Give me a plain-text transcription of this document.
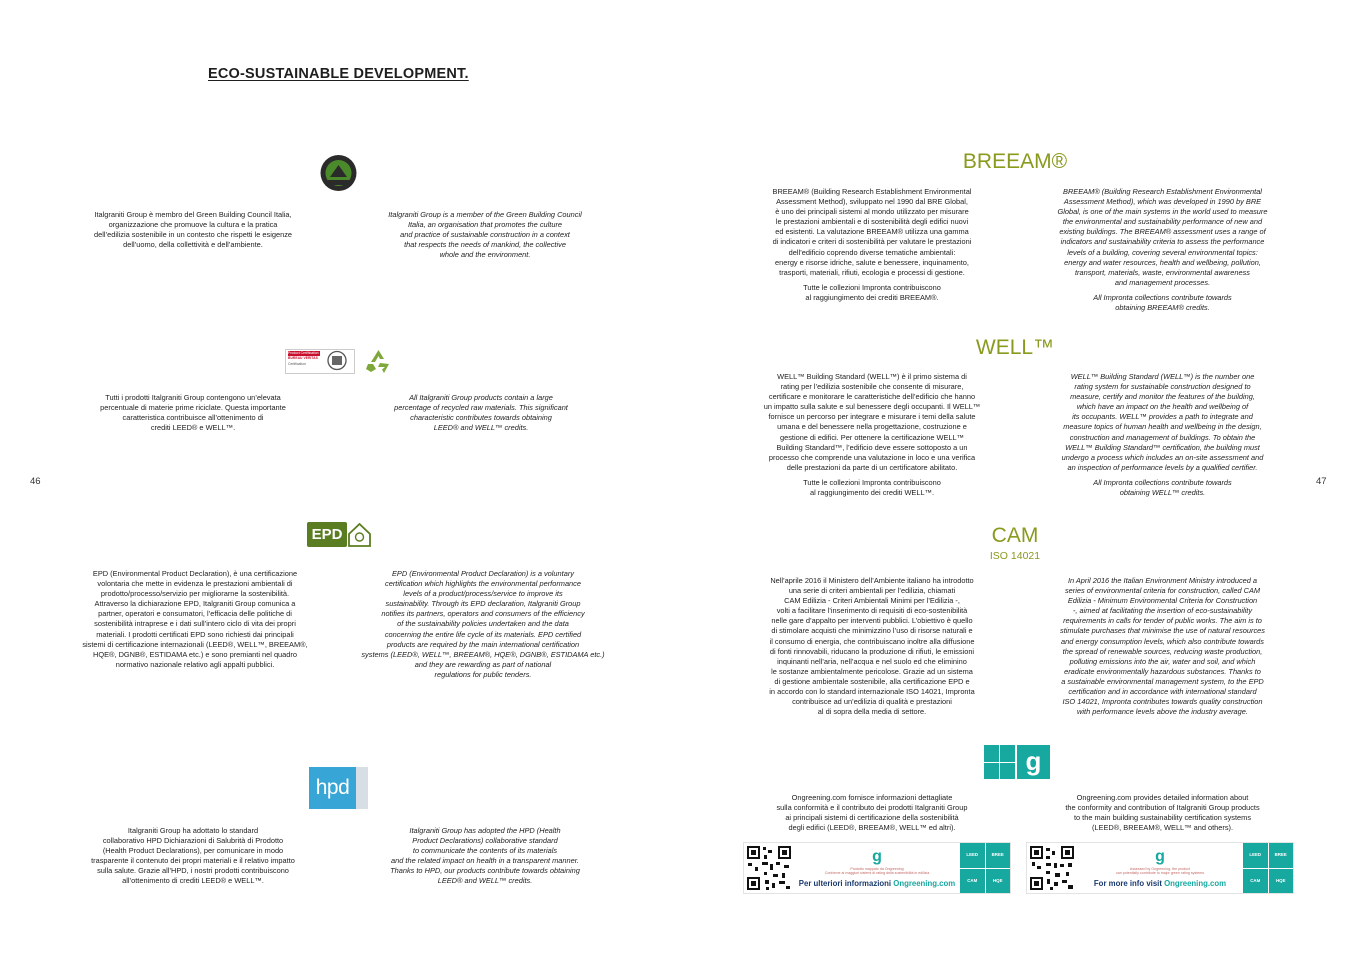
ECO-SUSTAINABLE DEVELOPMENT.
46	47

Italgraniti Group è membro del Green Building Council Italia,

organizzazione che promuove la cultura e la pratica

dell’edilizia sostenibile in un contesto che rispetti le esigenze

dell’uomo, della collettività e dell’ambiente.

Italgraniti Group is a member of the Green Building Council

Italia, an organisation that promotes the culture

and practice of sustainable construction in a context

that respects the needs of mankind, the collective

whole and the environment.

Product Certification
BUREAU VERITAS
Certification

Tutti i prodotti Italgraniti Group contengono un’elevata

percentuale di materie prime riciclate. Questa importante

caratteristica contribuisce all’ottenimento di

crediti LEED® e WELL™.

All Italgraniti Group products contain a large

percentage of recycled raw materials. This significant

characteristic contributes towards obtaining

LEED® and WELL™ credits.

EPD

EPD (Environmental Product Declaration), è una certificazione

volontaria che mette in evidenza le prestazioni ambientali di

prodotto/processo/servizio per migliorarne la sostenibilità.

Attraverso la dichiarazione EPD, Italgraniti Group comunica a

partner, operatori e consumatori, l’efficacia delle politiche di

sostenibilità intraprese e i dati sull’intero ciclo di vita dei propri

materiali. I prodotti certificati EPD sono richiesti dai principali

sistemi di certificazione internazionali (LEED®, WELL™, BREEAM®,

HQE®, DGNB®, ESTIDAMA etc.) e sono premianti nel quadro

normativo nazionale relativo agli appalti pubblici.

EPD (Environmental Product Declaration) is a voluntary

certification which highlights the environmental performance

levels of a product/process/service to improve its

sustainability. Through its EPD declaration, Italgraniti Group

notifies its partners, operators and consumers of the efficiency

of the sustainability policies undertaken and the data

concerning the entire life cycle of its materials. EPD certified

products are required by the main international certification

systems (LEED®, WELL™, BREEAM®, HQE®, DGNB®, ESTIDAMA etc.)

and they are rewarding as part of national

regulations for public tenders.

hpd

Italgraniti Group ha adottato lo standard

collaborativo HPD Dichiarazioni di Salubrità di Prodotto

(Health Product Declarations), per comunicare in modo

trasparente il contenuto dei propri materiali e il relativo impatto

sulla salute. Grazie all’HPD, i nostri prodotti contribuiscono

all’ottenimento di crediti LEED® e WELL™.

Italgraniti Group has adopted the HPD (Health

Product Declarations) collaborative standard

to communicate the contents of its materials

and the related impact on health in a transparent manner.

Thanks to HPD, our products contribute towards obtaining

LEED® and WELL™ credits.

BREEAM®

BREEAM® (Building Research Establishment Environmental

Assessment Method), sviluppato nel 1990 dal BRE Global,

è uno dei principali sistemi al mondo utilizzato per misurare

le prestazioni ambientali e di sostenibilità degli edifici nuovi

ed esistenti. La valutazione BREEAM® utilizza una gamma

di indicatori e criteri di sostenibilità per valutare le prestazioni

dell’edificio coprendo diverse tematiche ambientali:

energy e risorse idriche, salute e benessere, inquinamento,

trasporti, materiali, rifiuti, ecologia e processi di gestione.

Tutte le collezioni Impronta contribuiscono

al raggiungimento dei crediti BREEAM®.

BREEAM® (Building Research Establishment Environmental

Assessment Method), which was developed in 1990 by BRE

Global, is one of the main systems in the world used to measure

the environmental and sustainability performance of new and

existing buildings. The BREEAM® assessment uses a range of

indicators and sustainability criteria to assess the performance

levels of a building, covering several environmental topics:

energy and water resources, health and wellbeing, pollution,

transport, materials, waste, environmental awareness

and management processes.

All Impronta collections contribute towards

obtaining BREEAM® credits.

WELL™

WELL™ Building Standard (WELL™) è il primo sistema di

rating per l’edilizia sostenibile che consente di misurare,

certificare e monitorare le caratteristiche dell’edificio che hanno

un impatto sulla salute e sul benessere degli occupanti. Il WELL™

fornisce un percorso per integrare e misurare i temi della salute

umana e del benessere nella progettazione, costruzione e

gestione di edifici. Per ottenere la certificazione WELL™

Building Standard™, l’edificio deve essere sottoposto a un

processo che comprende una valutazione in loco e una verifica

delle prestazioni da parte di un certificatore abilitato.

Tutte le collezioni Impronta contribuiscono

al raggiungimento dei crediti WELL™.

WELL™ Building Standard (WELL™) is the number one

rating system for sustainable construction designed to

measure, certify and monitor the features of the building,

which have an impact on the health and wellbeing of

its occupants. WELL™ provides a path to integrate and

measure topics of human health and wellbeing in the design,

construction and management of buildings. To obtain the

WELL™ Building Standard™ certification, the building must

undergo a process which includes an on-site assessment and

an inspection of performance levels by a qualified certifier.

All Impronta collections contribute towards

obtaining WELL™ credits.

CAM
ISO 14021

Nell’aprile 2016 il Ministero dell’Ambiente italiano ha introdotto

una serie di criteri ambientali per l’edilizia, chiamati

CAM Edilizia - Criteri Ambientali Minimi per l’Edilizia -,

volti a facilitare l’inserimento di requisiti di eco-sostenibilità

nelle gare d’appalto per interventi pubblici. L’obiettivo è quello

di stimolare acquisti che minimizzino l’uso di risorse naturali e

il consumo di energia, che contribuiscano inoltre alla diffusione

di fonti rinnovabili, riducano la produzione di rifiuti, le emissioni

inquinanti nell’aria, nell’acqua e nel suolo ed che eliminino

le sostanze ambientalmente pericolose. Grazie ad un sistema

di gestione ambientale sostenibile, alla certificazione EPD e

in accordo con lo standard internazionale ISO 14021, Impronta

contribuisce ad un’edilizia di qualità e prestazioni

al di sopra della media di settore.

In April 2016 the Italian Environment Ministry introduced a

series of environmental criteria for construction, called CAM

Edilizia - Minimum Environmental Criteria for Construction

-, aimed at facilitating the insertion of eco-sustainability

requirements in calls for tender of public works. The aim is to

stimulate purchases that minimise the use of natural resources

and energy consumption levels, which also contribute towards

the spread of renewable sources, reducing waste production,

polluting emissions into the air, water and soil, and which

eradicate environmentally hazardous substances. Thanks to

a sustainable environmental management system, to the EPD

certification and in accordance with international standard

ISO 14021, Impronta contributes towards quality construction

with performance levels above the industry average.

g

Ongreening.com fornisce informazioni dettagliate

sulla conformità e il contributo dei prodotti Italgraniti Group

ai principali sistemi di certificazione della sostenibilità

degli edifici (LEED®, BREEAM®, WELL™ ed altri).

Ongreening.com provides detailed information about

the conformity and contribution of Italgraniti Group products

to the main building sustainability certification systems

(LEED®, BREEAM®, WELL™ and others).

g
Prodotto mappato da Ongreening
Conforme ai maggiori sistemi di rating della sostenibilità in edilizia
Per ulteriori informazioni Ongreening.com
LEED	BREE
CAM	HQE
g
Assessed by Ongreening, the product
can potentially contribute to major green rating systems
For more info visit Ongreening.com
LEED	BREE
CAM	HQE
